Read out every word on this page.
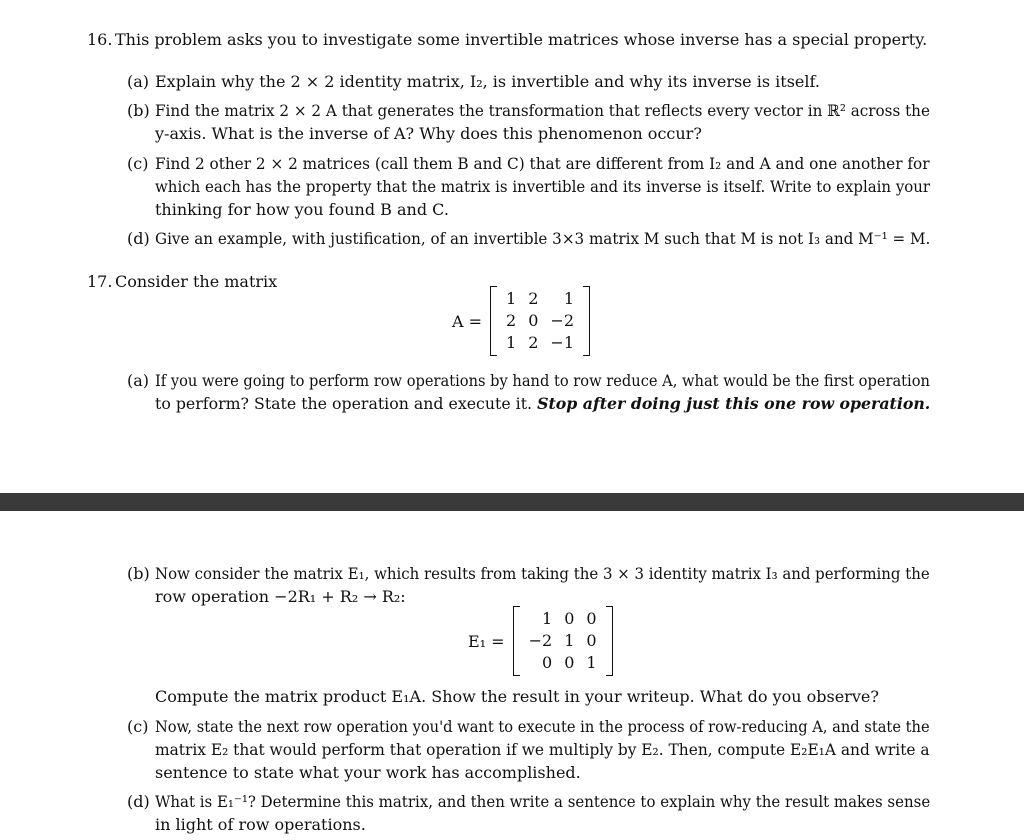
16. This problem asks you to investigate some invertible matrices whose inverse has a special property.
(a) Explain why the 2 × 2 identity matrix, I₂, is invertible and why its inverse is itself.
(b) Find the matrix 2 × 2 A that generates the transformation that reflects every vector in ℝ² across the
y-axis. What is the inverse of A? Why does this phenomenon occur?
(c) Find 2 other 2 × 2 matrices (call them B and C) that are different from I₂ and A and one another for
which each has the property that the matrix is invertible and its inverse is itself. Write to explain your
thinking for how you found B and C.
(d) Give an example, with justification, of an invertible 3×3 matrix M such that M is not I₃ and M⁻¹ = M.
17. Consider the matrix
A =
1	2	1
2	0	−2
1	2	−1
(a) If you were going to perform row operations by hand to row reduce A, what would be the first operation
to perform? State the operation and execute it. Stop after doing just this one row operation.
(b) Now consider the matrix E₁, which results from taking the 3 × 3 identity matrix I₃ and performing the
row operation −2R₁ + R₂ → R₂:
E₁ =
1	0	0
−2	1	0
0	0	1
Compute the matrix product E₁A. Show the result in your writeup. What do you observe?
(c) Now, state the next row operation you'd want to execute in the process of row-reducing A, and state the
matrix E₂ that would perform that operation if we multiply by E₂. Then, compute E₂E₁A and write a
sentence to state what your work has accomplished.
(d) What is E₁⁻¹? Determine this matrix, and then write a sentence to explain why the result makes sense
in light of row operations.
